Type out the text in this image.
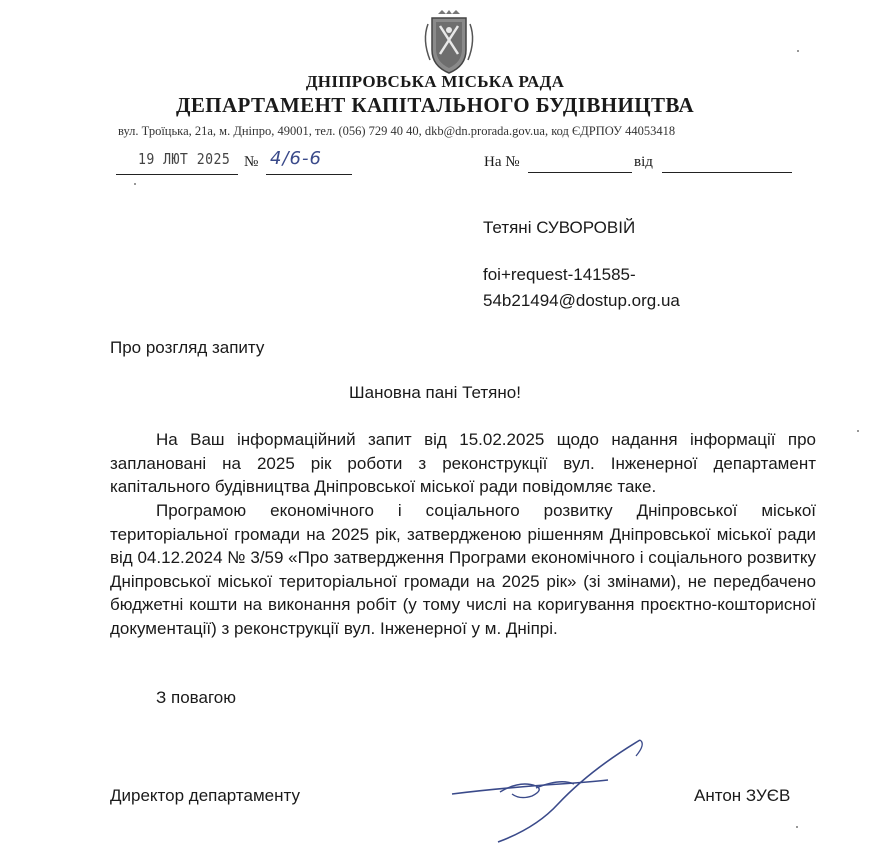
ДНІПРОВСЬКА МІСЬКА РАДА
ДЕПАРТАМЕНТ КАПІТАЛЬНОГО БУДІВНИЦТВА
вул. Троїцька, 21а, м. Дніпро, 49001, тел. (056) 729 40 40, dkb@dn.prorada.gov.ua, код ЄДРПОУ 44053418
19 ЛЮТ 2025 № 4/6-6	На №	від
Тетяні СУВОРОВІЙ
foi+request-141585-
54b21494@dostup.org.ua
Про розгляд запиту
Шановна пані Тетяно!
На Ваш інформаційний запит від 15.02.2025 щодо надання інформації про заплановані на 2025 рік роботи з реконструкції вул. Інженерної департамент капітального будівництва Дніпровської міської ради повідомляє таке.
Програмою економічного і соціального розвитку Дніпровської міської територіальної громади на 2025 рік, затвердженою рішенням Дніпровської міської ради від 04.12.2024 № 3/59 «Про затвердження Програми економічного і соціального розвитку Дніпровської міської територіальної громади на 2025 рік» (зі змінами), не передбачено бюджетні кошти на виконання робіт (у тому числі на коригування проєктно-кошторисної документації) з реконструкції вул. Інженерної у м. Дніпрі.
З повагою
Директор департаменту	Антон ЗУЄВ
